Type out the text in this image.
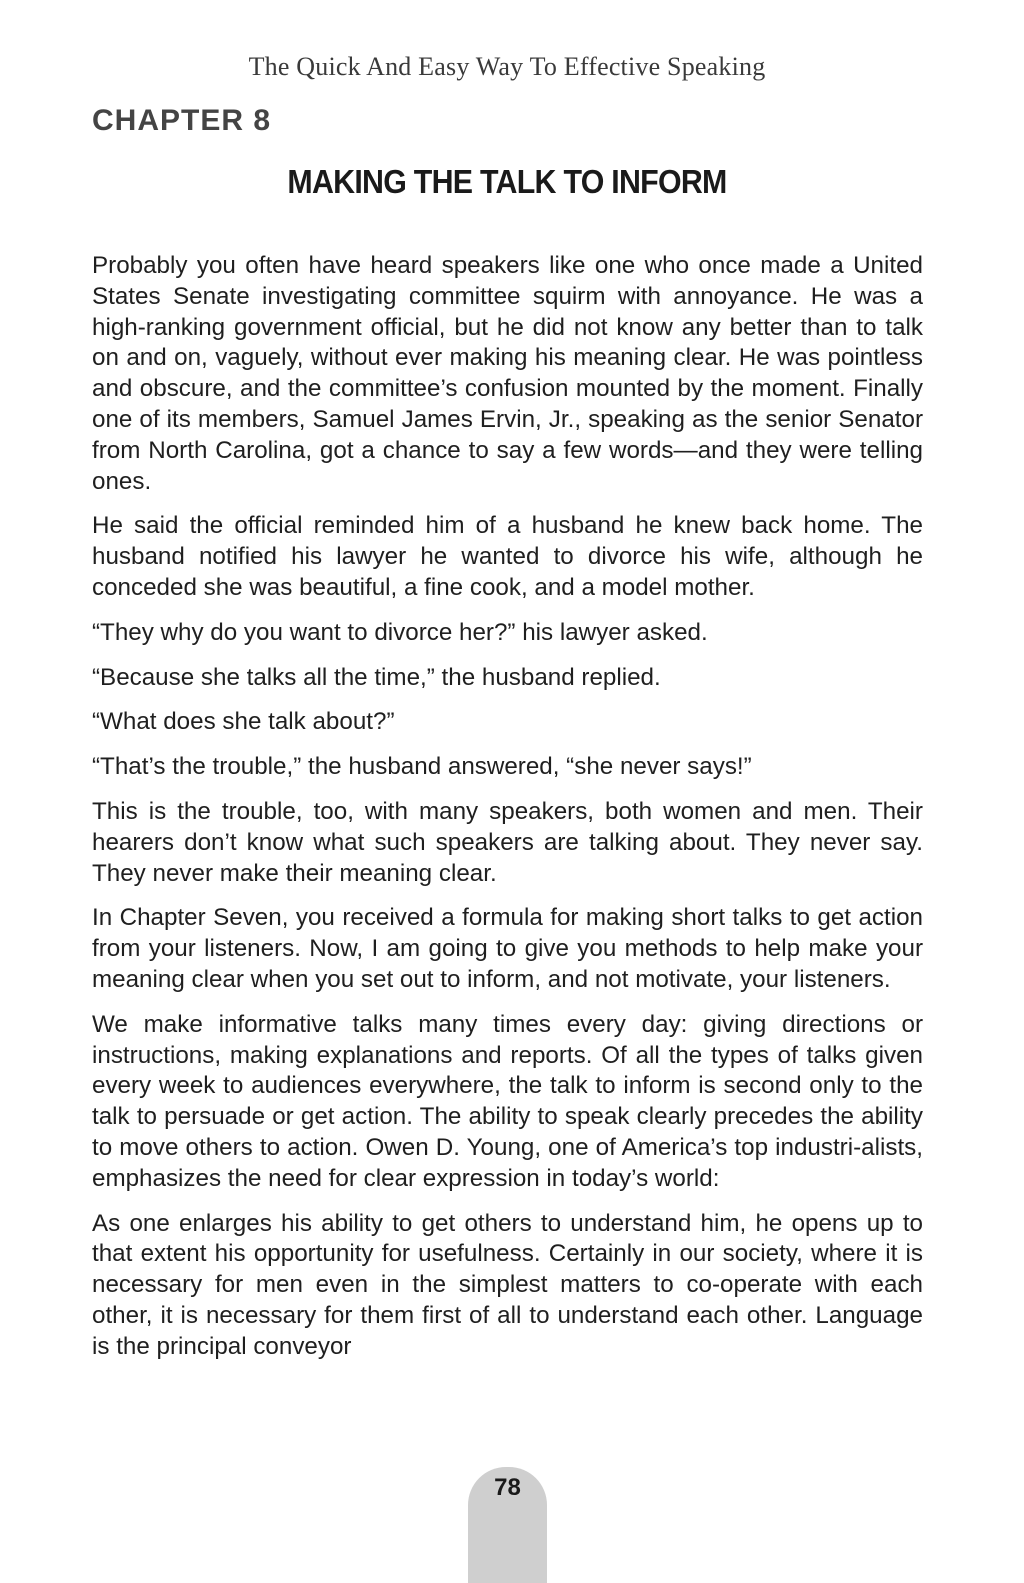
The Quick And Easy Way To Effective Speaking
CHAPTER 8
MAKING THE TALK TO INFORM

Probably you often have heard speakers like one who once made a United States Senate investigating committee squirm with annoyance. He was a high-ranking government official, but he did not know any better than to talk on and on, vaguely, without ever making his meaning clear. He was pointless and obscure, and the committee’s confusion mounted by the moment. Finally one of its members, Samuel James Ervin, Jr., speaking as the senior Senator from North Carolina, got a chance to say a few words—and they were telling ones.

He said the official reminded him of a husband he knew back home. The husband notified his lawyer he wanted to divorce his wife, although he conceded she was beautiful, a fine cook, and a model mother.

“They why do you want to divorce her?” his lawyer asked.

“Because she talks all the time,” the husband replied.

“What does she talk about?”

“That’s the trouble,” the husband answered, “she never says!”

This is the trouble, too, with many speakers, both women and men. Their hearers don’t know what such speakers are talking about. They never say. They never make their meaning clear.

In Chapter Seven, you received a formula for making short talks to get action from your listeners. Now, I am going to give you methods to help make your meaning clear when you set out to inform, and not motivate, your listeners.

We make informative talks many times every day: giving directions or instructions, making explanations and reports. Of all the types of talks given every week to audiences everywhere, the talk to inform is second only to the talk to persuade or get action. The ability to speak clearly precedes the ability to move others to action. Owen D. Young, one of America’s top industri-alists, emphasizes the need for clear expression in today’s world:

As one enlarges his ability to get others to understand him, he opens up to that extent his opportunity for usefulness. Certainly in our society, where it is necessary for men even in the simplest matters to co-operate with each other, it is necessary for them first of all to understand each other. Language is the principal conveyor

78
